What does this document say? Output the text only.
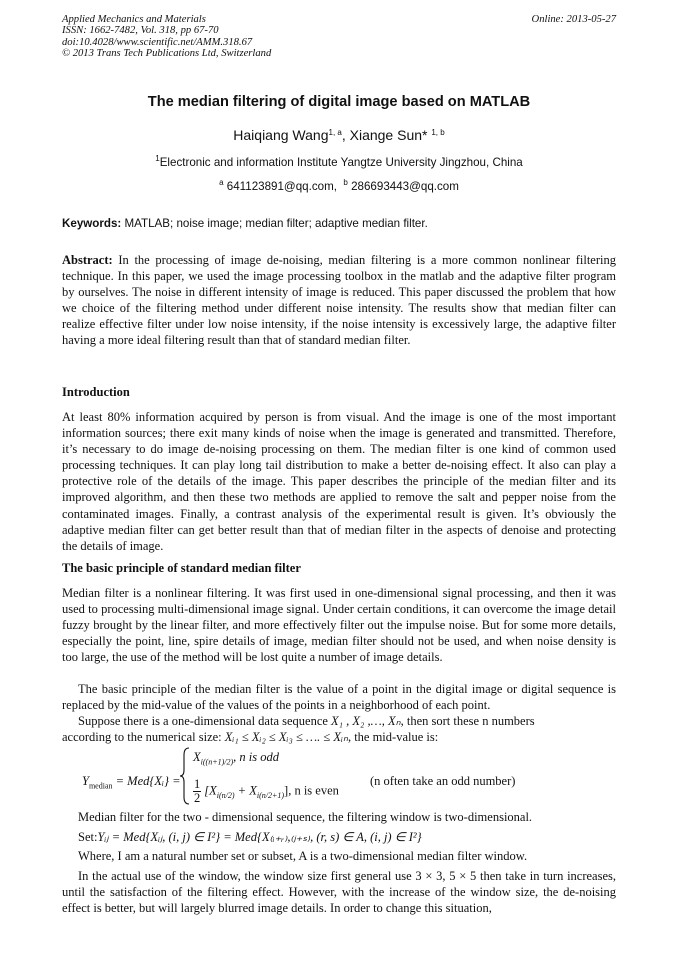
Applied Mechanics and Materials
ISSN: 1662-7482, Vol. 318, pp 67-70
doi:10.4028/www.scientific.net/AMM.318.67
© 2013 Trans Tech Publications Ltd, Switzerland
Online: 2013-05-27
The median filtering of digital image based on MATLAB
Haiqiang Wang$^{1, a}$, Xiange Sun* $^{1, b}$
$^1$Electronic and information Institute Yangtze University Jingzhou, China
$^a$ 641123891@qq.com, $^b$ 286693443@qq.com
Keywords: MATLAB; noise image; median filter; adaptive median filter.
Abstract: In the processing of image de-noising, median filtering is a more common nonlinear filtering technique. In this paper, we used the image processing toolbox in the matlab and the adaptive filter program by ourselves. The noise in different intensity of image is reduced. This paper discussed the problem that how we choice of the filtering method under different noise intensity. The results show that median filter can realize effective filter under low noise intensity, if the noise intensity is excessively large, the adaptive filter having a more ideal filtering result than that of standard median filter.
Introduction
At least 80% information acquired by person is from visual. And the image is one of the most important information sources; there exit many kinds of noise when the image is generated and transmitted. Therefore, it’s necessary to do image de-noising processing on them. The median filter is one kind of common used processing techniques. It can play long tail distribution to make a better de-noising effect. It also can play a protective role of the details of the image. This paper describes the principle of the median filter and its improved algorithm, and then these two methods are applied to remove the salt and pepper noise from the contaminated images. Finally, a contrast analysis of the experimental result is given. It’s obviously the adaptive median filter can get better result than that of median filter in the aspects of denoise and protecting the details of image.
The basic principle of standard median filter
Median filter is a nonlinear filtering. It was first used in one-dimensional signal processing, and then it was used to processing multi-dimensional image signal. Under certain conditions, it can overcome the image detail fuzzy brought by the linear filter, and more effectively filter out the impulse noise. But for some more details, especially the point, line, spire details of image, median filter should not be used, and when noise density is too large, the use of the method will be lost quite a number of image details.
The basic principle of the median filter is the value of a point in the digital image or digital sequence is replaced by the mid-value of the values of the points in a neighborhood of each point.
Suppose there is a one-dimensional data sequence X₁ , X₂ ,…, Xₙ, then sort these n numbers
according to the numerical size: Xᵢ₁ ≤ Xᵢ₂ ≤ Xᵢ₃ ≤ …. ≤ Xᵢₙ, the mid-value is:
$Y_{median}$ = Med{Xᵢ} =
$X_{i((n+1)/2)}$, n is odd
$\frac{1}{2} [X_{i(n/2)} + X_{i(n/2+1)}]$, n is even
(n often take an odd number)
Median filter for the two - dimensional sequence, the filtering window is two-dimensional.
Set:Yᵢⱼ = Med{Xᵢⱼ, (i, j) ∈ I²} = Med{X₍ᵢ₊ᵣ₎,₍ⱼ₊ₛ₎, (r, s) ∈ A, (i, j) ∈ I²}
Where, I am a natural number set or subset, A is a two-dimensional median filter window.
In the actual use of the window, the window size first general use 3 × 3, 5 × 5 then take in turn increases, until the satisfaction of the filtering effect. However, with the increase of the window size, the de-noising effect is better, but will largely blurred image details. In order to change this situation,
